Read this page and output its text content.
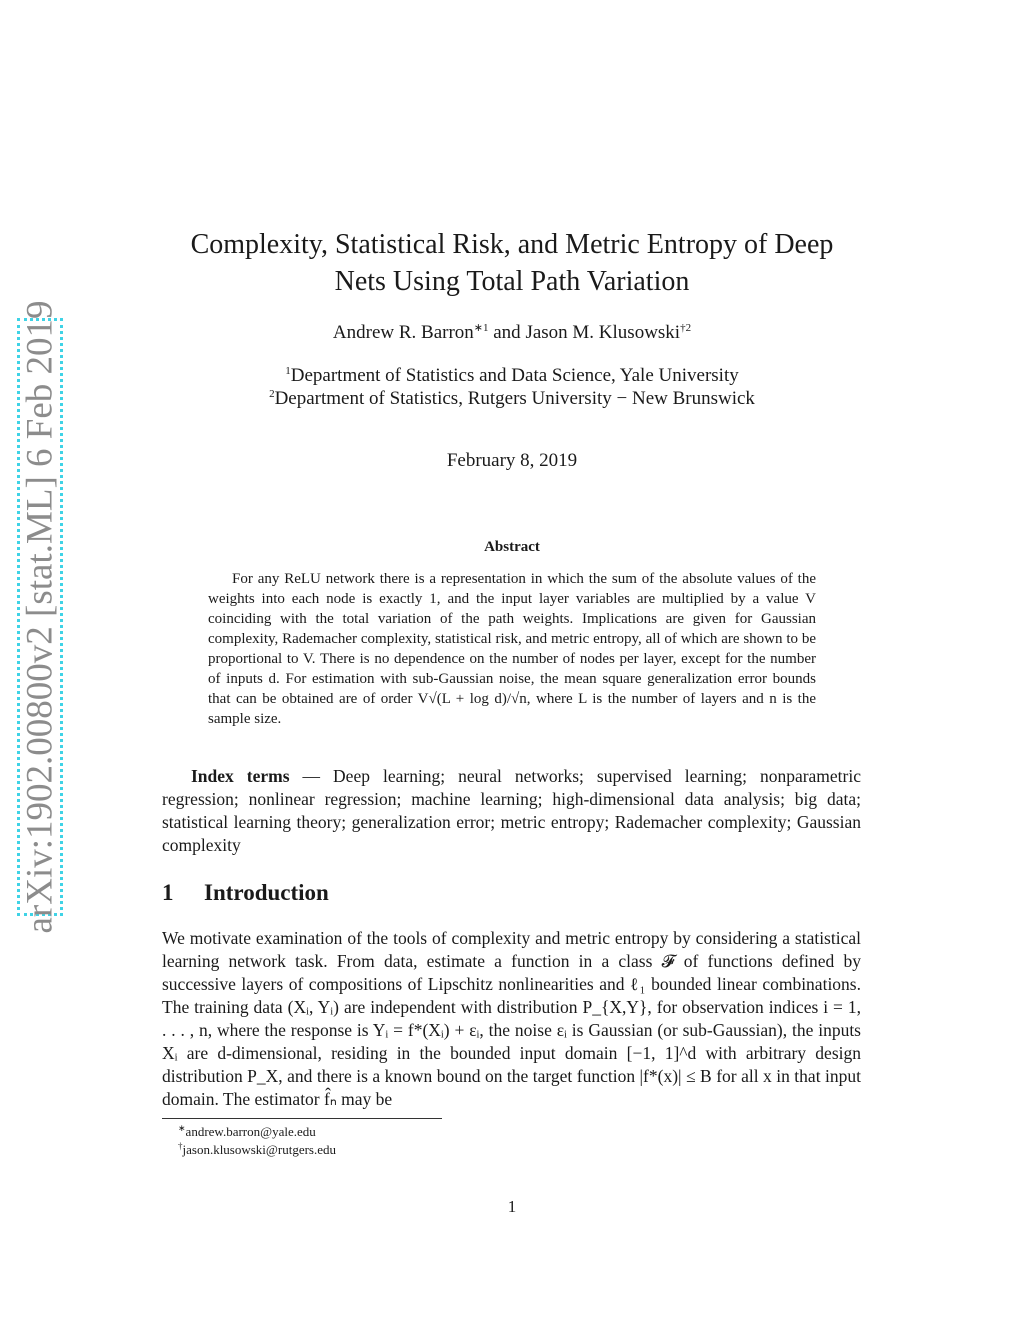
arXiv:1902.00800v2 [stat.ML] 6 Feb 2019
Complexity, Statistical Risk, and Metric Entropy of Deep
Nets Using Total Path Variation
Andrew R. Barron$^{∗1}$ and Jason M. Klusowski$^{\dagger 2}$
$^1$Department of Statistics and Data Science, Yale University
$^2$Department of Statistics, Rutgers University − New Brunswick
February 8, 2019
Abstract
For any ReLU network there is a representation in which the sum of the absolute values of the weights into each node is exactly 1, and the input layer variables are multiplied by a value V coinciding with the total variation of the path weights. Implications are given for Gaussian complexity, Rademacher complexity, statistical risk, and metric entropy, all of which are shown to be proportional to V. There is no dependence on the number of nodes per layer, except for the number of inputs d. For estimation with sub-Gaussian noise, the mean square generalization error bounds that can be obtained are of order V√(L + log d)/√n, where L is the number of layers and n is the sample size.
Index terms — Deep learning; neural networks; supervised learning; nonparametric regression; nonlinear regression; machine learning; high-dimensional data analysis; big data; statistical learning theory; generalization error; metric entropy; Rademacher complexity; Gaussian complexity
1 Introduction
We motivate examination of the tools of complexity and metric entropy by considering a statistical learning network task. From data, estimate a function in a class 𝓕 of functions defined by successive layers of compositions of Lipschitz nonlinearities and ℓ₁ bounded linear combinations. The training data (Xᵢ, Yᵢ) are independent with distribution P_{X,Y}, for observation indices i = 1, . . . , n, where the response is Yᵢ = f*(Xᵢ) + εᵢ, the noise εᵢ is Gaussian (or sub-Gaussian), the inputs Xᵢ are d-dimensional, residing in the bounded input domain [−1, 1]^d with arbitrary design distribution P_X, and there is a known bound on the target function |f*(x)| ≤ B for all x in that input domain. The estimator f̂ₙ may be
∗andrew.barron@yale.edu
†jason.klusowski@rutgers.edu
1
